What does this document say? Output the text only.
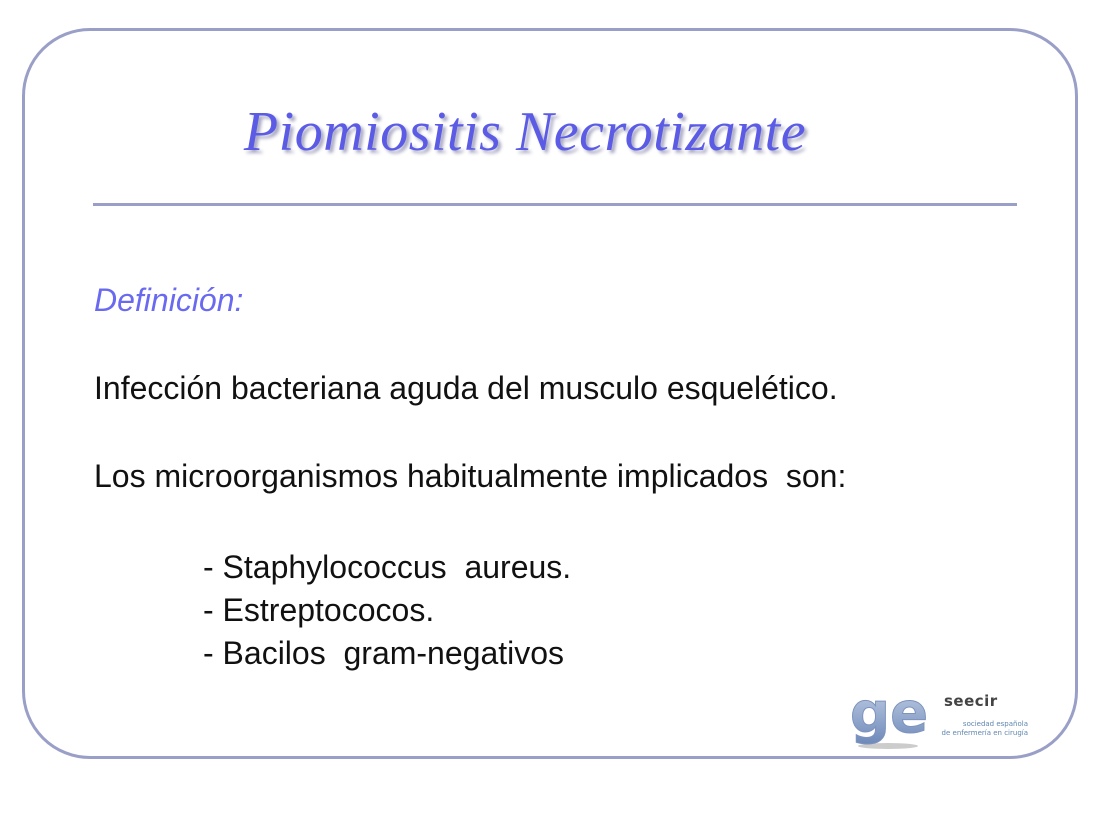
Piomiositis Necrotizante
Definición:
Infección bacteriana aguda del musculo esquelético.
Los microorganismos habitualmente implicados  son:
- Staphylococcus  aureus.
- Estreptococos.
- Bacilos  gram-negativos
ge seecir
sociedad española
de enfermería en cirugía
